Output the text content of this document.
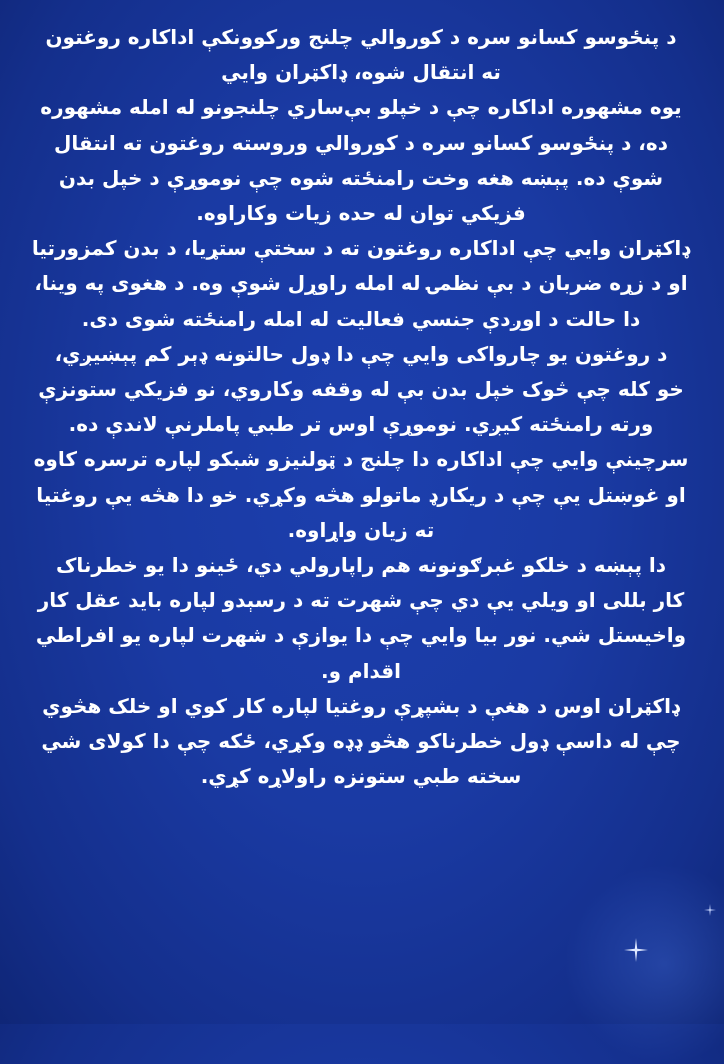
د پنځوسو کسانو سره د کوروالي چلنج ورکوونکې اداکاره روغتون
ته انتقال شوه، ډاکټران وايي

یوه مشهوره اداکاره چې د خپلو بې‌ساري چلنجونو له امله مشهوره
ده، د پنځوسو کسانو سره د کوروالي وروسته روغتون ته انتقال
شوې ده. پېښه هغه وخت رامنځته شوه چې نوموړې د خپل بدن
فزيکي توان له حده زيات وکاراوه.

ډاکټران وايي چې اداکاره روغتون ته د سختې ستړيا، د بدن کمزورتيا
او د زړه ضربان د بې نظمۍ له امله راوړل شوې وه. د هغوی په وينا،
دا حالت د اوږدې جنسي فعاليت له امله رامنځته شوی دی.

د روغتون يو چارواکی وايي چې دا ډول حالتونه ډېر کم پېښيږي،
خو کله چې څوک خپل بدن بې له وقفه وکاروي، نو فزيکي ستونزې
ورته رامنځته کيږي. نوموړې اوس تر طبي پاملرنې لاندې ده.

سرچينې وايي چې اداکاره دا چلنج د ټولنيزو شبکو لپاره ترسره کاوه
او غوښتل يې چې د ريکارډ ماتولو هڅه وکړي. خو دا هڅه يې روغتيا
ته زيان واړاوه.

دا پېښه د خلکو غبرګونونه هم راپارولي دي، ځينو دا يو خطرناک
کار بللی او ويلي يې دي چې شهرت ته د رسېدو لپاره بايد عقل کار
واخيستل شي. نور بيا وايي چې دا يوازې د شهرت لپاره يو افراطي
اقدام و.

ډاکټران اوس د هغې د بشپړې روغتيا لپاره کار کوي او خلک هڅوي
چې له داسې ډول خطرناکو هڅو ډډه وکړي، ځکه چې دا کولای شي
سخته طبي ستونزه راولاړه کړي.
